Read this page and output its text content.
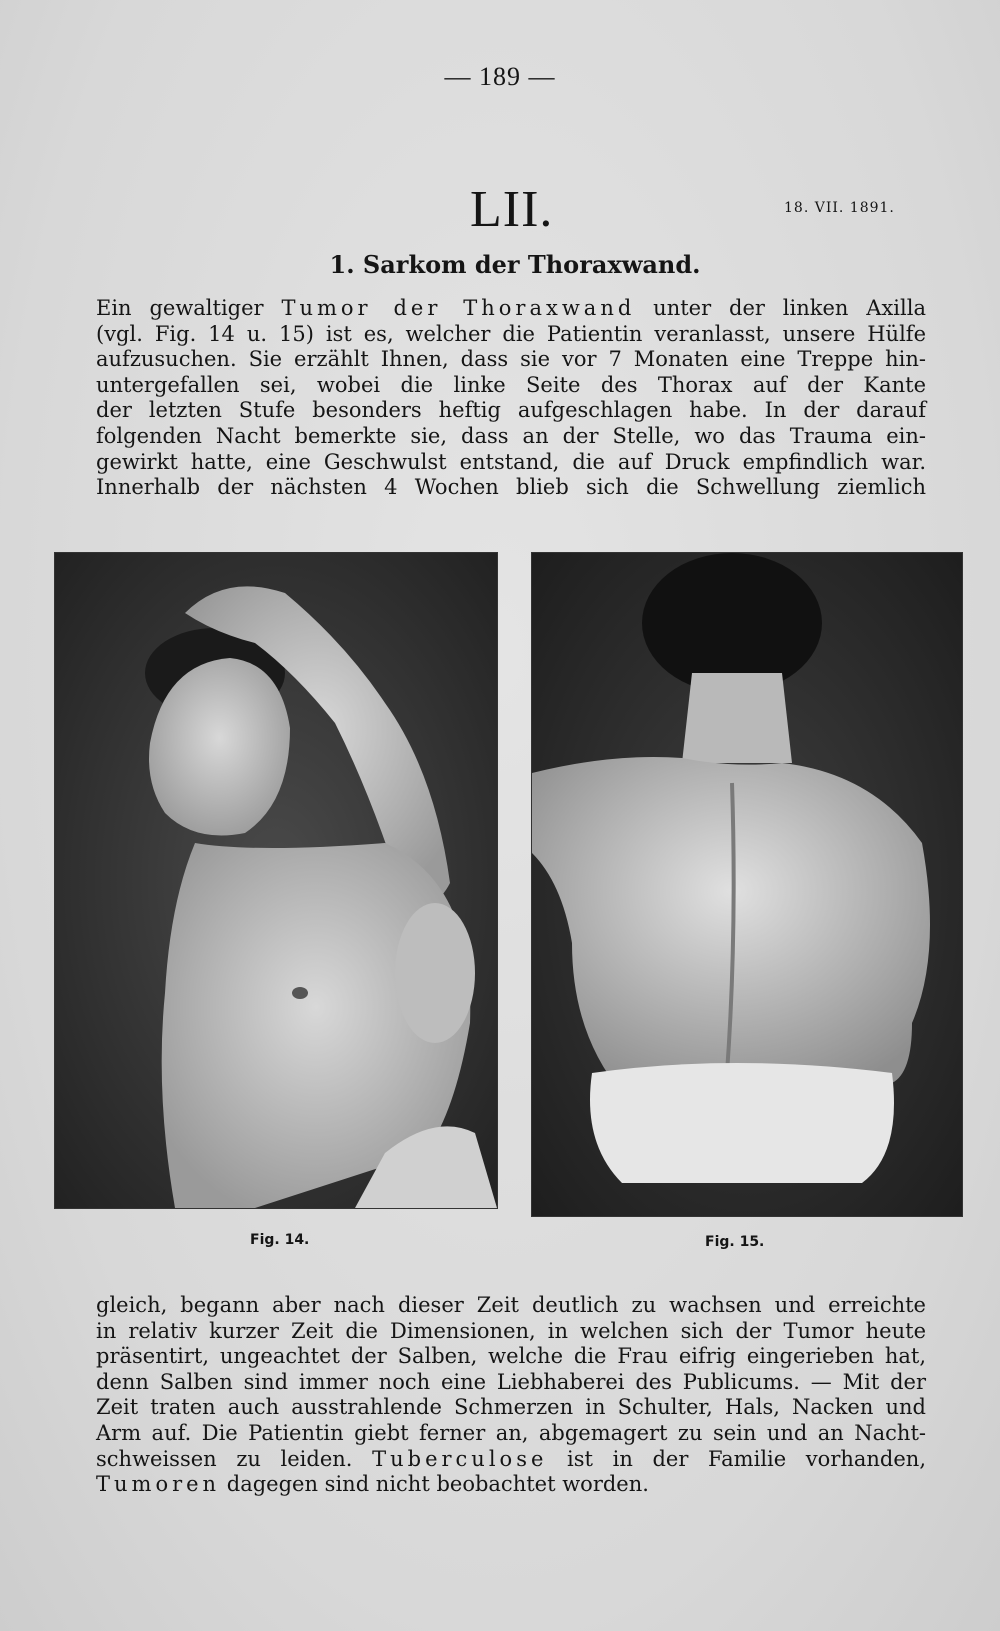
— 189 —
LII.	18. VII. 1891.
1. Sarkom der Thoraxwand.
Ein gewaltiger Tumor der Thoraxwand unter der linken Axilla
(vgl. Fig. 14 u. 15) ist es, welcher die Patientin veranlasst, unsere Hülfe
aufzusuchen. Sie erzählt Ihnen, dass sie vor 7 Monaten eine Treppe hin-
untergefallen sei, wobei die linke Seite des Thorax auf der Kante
der letzten Stufe besonders heftig aufgeschlagen habe. In der darauf
folgenden Nacht bemerkte sie, dass an der Stelle, wo das Trauma ein-
gewirkt hatte, eine Geschwulst entstand, die auf Druck empfindlich war.
Innerhalb der nächsten 4 Wochen blieb sich die Schwellung ziemlich
Fig. 14.	Fig. 15.
gleich, begann aber nach dieser Zeit deutlich zu wachsen und erreichte
in relativ kurzer Zeit die Dimensionen, in welchen sich der Tumor heute
präsentirt, ungeachtet der Salben, welche die Frau eifrig eingerieben hat,
denn Salben sind immer noch eine Liebhaberei des Publicums. — Mit der
Zeit traten auch ausstrahlende Schmerzen in Schulter, Hals, Nacken und
Arm auf. Die Patientin giebt ferner an, abgemagert zu sein und an Nacht-
schweissen zu leiden. Tuberculose ist in der Familie vorhanden,
Tumoren dagegen sind nicht beobachtet worden.
